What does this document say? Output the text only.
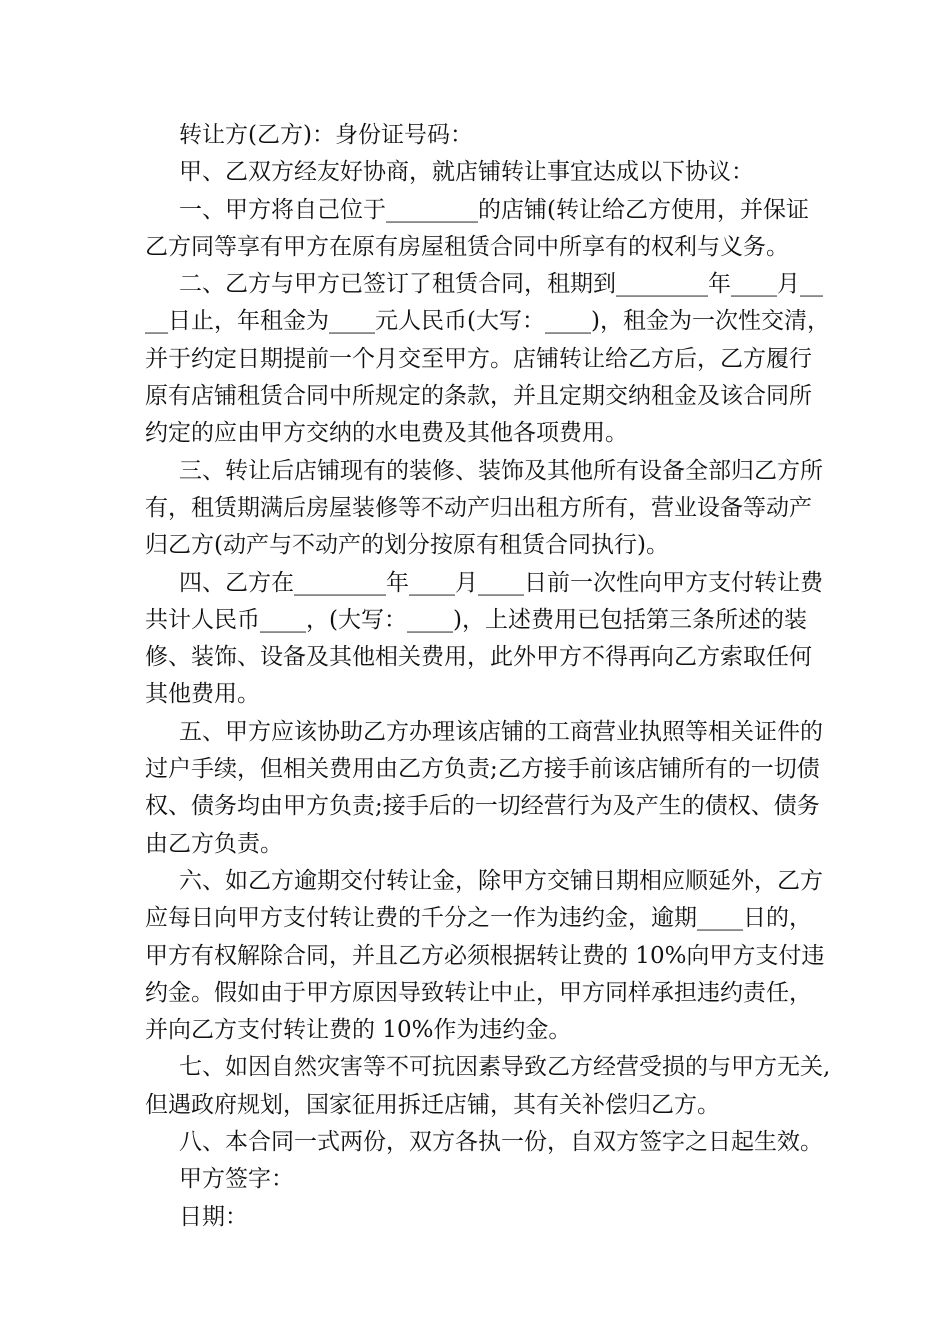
转让方(乙方)：身份证号码：
甲、乙双方经友好协商，就店铺转让事宜达成以下协议：
一、甲方将自己位于________的店铺(转让给乙方使用，并保证
乙方同等享有甲方在原有房屋租赁合同中所享有的权利与义务。
二、乙方与甲方已签订了租赁合同，租期到________年____月__
__日止，年租金为____元人民币(大写：____)，租金为一次性交清，
并于约定日期提前一个月交至甲方。店铺转让给乙方后，乙方履行
原有店铺租赁合同中所规定的条款，并且定期交纳租金及该合同所
约定的应由甲方交纳的水电费及其他各项费用。
三、转让后店铺现有的装修、装饰及其他所有设备全部归乙方所
有，租赁期满后房屋装修等不动产归出租方所有，营业设备等动产
归乙方(动产与不动产的划分按原有租赁合同执行)。
四、乙方在________年____月____日前一次性向甲方支付转让费
共计人民币____，(大写：____)，上述费用已包括第三条所述的装
修、装饰、设备及其他相关费用，此外甲方不得再向乙方索取任何
其他费用。
五、甲方应该协助乙方办理该店铺的工商营业执照等相关证件的
过户手续，但相关费用由乙方负责;乙方接手前该店铺所有的一切债
权、债务均由甲方负责;接手后的一切经营行为及产生的债权、债务
由乙方负责。
六、如乙方逾期交付转让金，除甲方交铺日期相应顺延外，乙方
应每日向甲方支付转让费的千分之一作为违约金，逾期____日的，
甲方有权解除合同，并且乙方必须根据转让费的 10%向甲方支付违
约金。假如由于甲方原因导致转让中止，甲方同样承担违约责任，
并向乙方支付转让费的 10%作为违约金。
七、如因自然灾害等不可抗因素导致乙方经营受损的与甲方无关,
但遇政府规划，国家征用拆迁店铺，其有关补偿归乙方。
八、本合同一式两份，双方各执一份，自双方签字之日起生效。
甲方签字：
日期：
